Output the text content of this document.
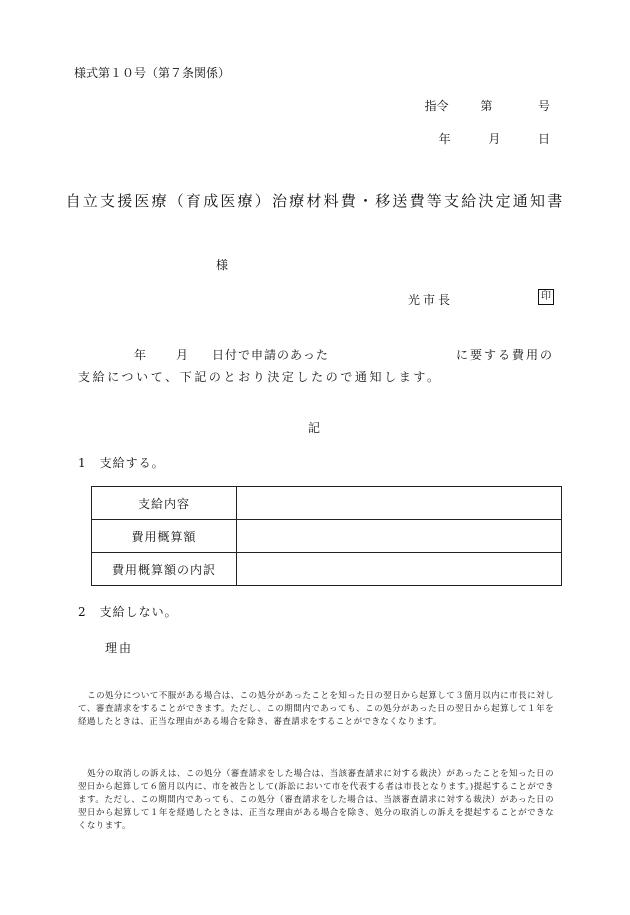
様式第１０号（第７条関係）
指令	第	号
年	月	日
自立支援医療（育成医療）治療材料費・移送費等支給決定通知書
様
光市長	印
年 月 日付で申請のあった	に要する費用の
支給について、下記のとおり決定したので通知します。
記
1　支給する。
支給内容	
費用概算額	
費用概算額の内訳	
2　支給しない。
理由
この処分について不服がある場合は、この処分があったことを知った日の翌日から起算して３箇月以内に市長に対して、審査請求をすることができます。ただし、この期間内であっても、この処分があった日の翌日から起算して１年を経過したときは、正当な理由がある場合を除き、審査請求をすることができなくなります。
処分の取消しの訴えは、この処分（審査請求をした場合は、当該審査請求に対する裁決）があったことを知った日の翌日から起算して６箇月以内に、市を被告として(訴訟において市を代表する者は市長となります。)提起することができます。ただし、この期間内であっても、この処分（審査請求をした場合は、当該審査請求に対する裁決）があった日の翌日から起算して１年を経過したときは、正当な理由がある場合を除き、処分の取消しの訴えを提起することができなくなります。
